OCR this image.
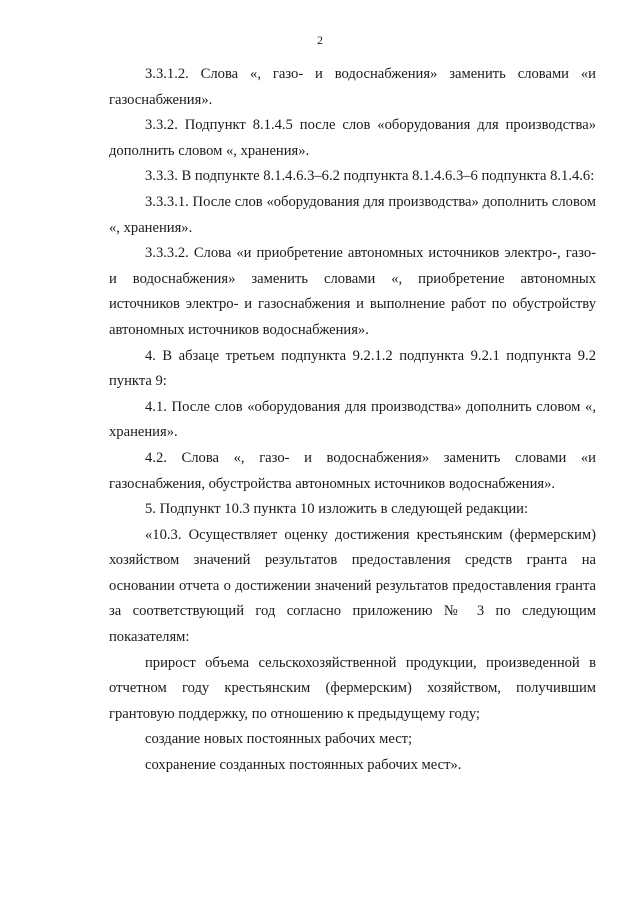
2

3.3.1.2. Слова «, газо- и водоснабжения» заменить словами «и газоснабжения».

3.3.2. Подпункт 8.1.4.5 после слов «оборудования для производства» дополнить словом «, хранения».

3.3.3. В подпункте 8.1.4.6.3–6.2 подпункта 8.1.4.6.3–6 подпункта 8.1.4.6:

3.3.3.1. После слов «оборудования для производства» дополнить словом «, хранения».

3.3.3.2. Слова «и приобретение автономных источников электро-, газо- и водоснабжения» заменить словами «, приобретение автономных источников электро- и газоснабжения и выполнение работ по обустройству автономных источников водоснабжения».

4. В абзаце третьем подпункта 9.2.1.2 подпункта 9.2.1 подпункта 9.2 пункта 9:

4.1. После слов «оборудования для производства» дополнить словом «, хранения».

4.2. Слова «, газо- и водоснабжения» заменить словами «и газоснабжения, обустройства автономных источников водоснабжения».

5. Подпункт 10.3 пункта 10 изложить в следующей редакции:

«10.3. Осуществляет оценку достижения крестьянским (фермерским) хозяйством значений результатов предоставления средств гранта на основании отчета о достижении значений результатов предоставления гранта за соответствующий год согласно приложению № 3 по следующим показателям:

прирост объема сельскохозяйственной продукции, произведенной в отчетном году крестьянским (фермерским) хозяйством, получившим грантовую поддержку, по отношению к предыдущему году;

создание новых постоянных рабочих мест;

сохранение созданных постоянных рабочих мест».
